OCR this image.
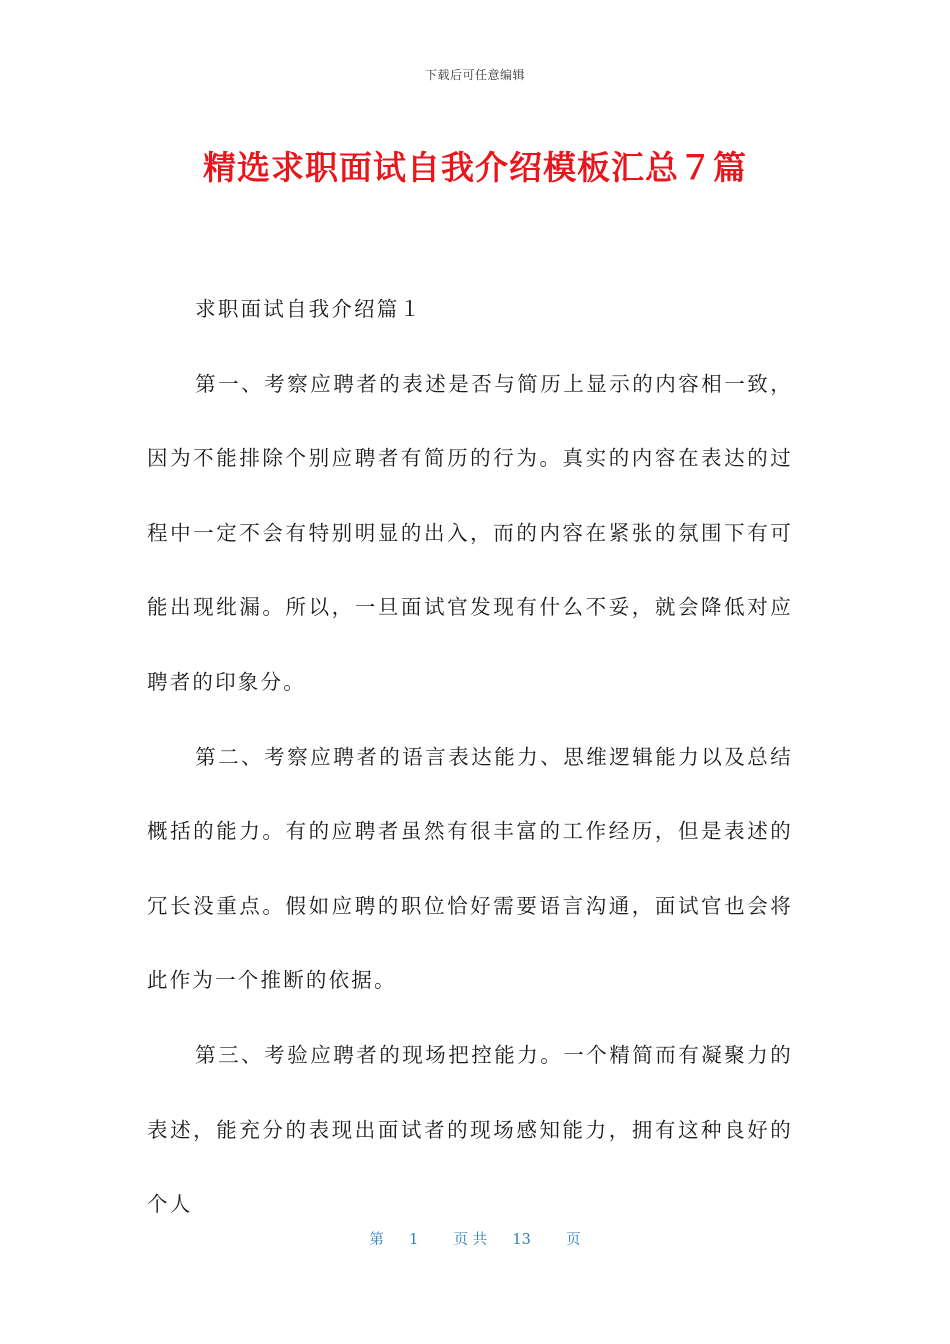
下载后可任意编辑
精选求职面试自我介绍模板汇总７篇

求职面试自我介绍篇１

第一、考察应聘者的表述是否与简历上显示的内容相一致，因为不能排除个别应聘者有简历的行为。真实的内容在表达的过程中一定不会有特别明显的出入，而的内容在紧张的氛围下有可能出现纰漏。所以，一旦面试官发现有什么不妥，就会降低对应聘者的印象分。

第二、考察应聘者的语言表达能力、思维逻辑能力以及总结概括的能力。有的应聘者虽然有很丰富的工作经历，但是表述的冗长没重点。假如应聘的职位恰好需要语言沟通，面试官也会将此作为一个推断的依据。

第三、考验应聘者的现场把控能力。一个精简而有凝聚力的表述，能充分的表现出面试者的现场感知能力，拥有这种良好的个人

第 1 页 共 13 页
